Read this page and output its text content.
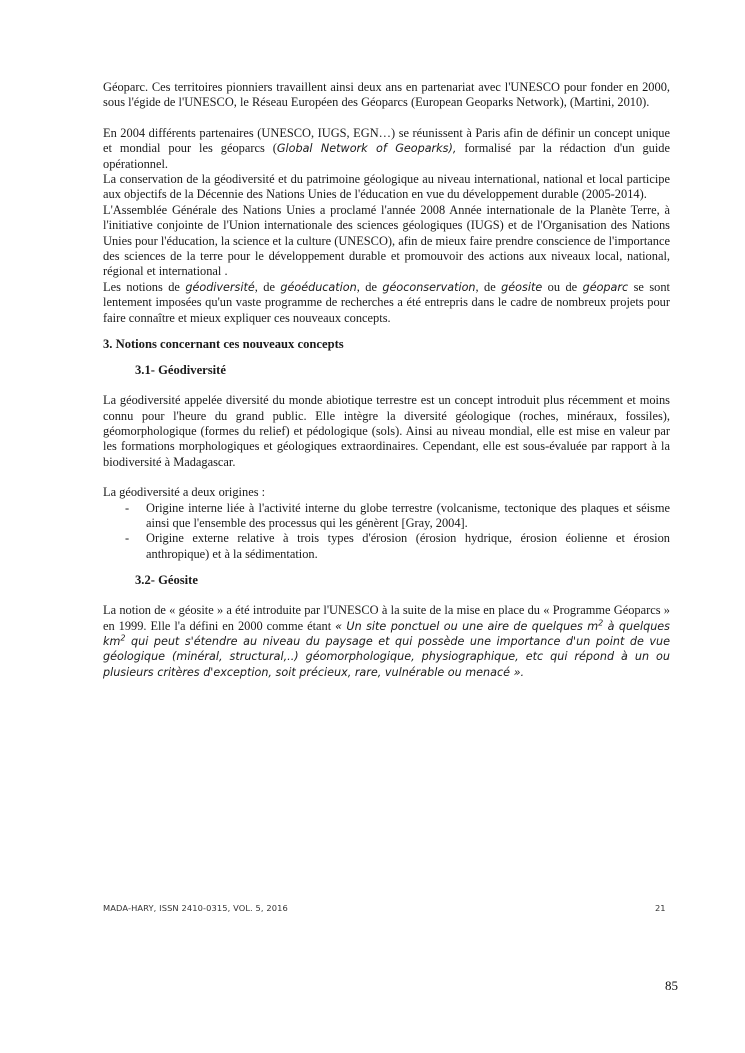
Géoparc. Ces territoires pionniers travaillent ainsi deux ans en partenariat avec l'UNESCO pour fonder en 2000, sous l'égide de l'UNESCO, le Réseau Européen des Géoparcs (European Geoparks Network), (Martini, 2010).

En 2004 différents partenaires (UNESCO, IUGS, EGN…) se réunissent à Paris afin de définir un concept unique et mondial pour les géoparcs (Global Network of Geoparks), formalisé par la rédaction d'un guide opérationnel.

La conservation de la géodiversité et du patrimoine géologique au niveau international, national et local participe aux objectifs de la Décennie des Nations Unies de l'éducation en vue du développement durable (2005-2014).

L'Assemblée Générale des Nations Unies a proclamé l'année 2008 Année internationale de la Planète Terre, à l'initiative conjointe de l'Union internationale des sciences géologiques (IUGS) et de l'Organisation des Nations Unies pour l'éducation, la science et la culture (UNESCO), afin de mieux faire prendre conscience de l'importance des sciences de la terre pour le développement durable et promouvoir des actions aux niveaux local, national, régional et international .

Les notions de géodiversité, de géoéducation, de géoconservation, de géosite ou de géoparc se sont lentement imposées qu'un vaste programme de recherches a été entrepris dans le cadre de nombreux projets pour faire connaître et mieux expliquer ces nouveaux concepts.

3. Notions concernant ces nouveaux concepts
3.1- Géodiversité

La géodiversité appelée diversité du monde abiotique terrestre est un concept introduit plus récemment et moins connu pour l'heure du grand public. Elle intègre la diversité géologique (roches, minéraux, fossiles), géomorphologique (formes du relief) et pédologique (sols). Ainsi au niveau mondial, elle est mise en valeur par les formations morphologiques et géologiques extraordinaires. Cependant, elle est sous-évaluée par rapport à la biodiversité à Madagascar.

La géodiversité a deux origines :

- Origine interne liée à l'activité interne du globe terrestre (volcanisme, tectonique des plaques et séisme ainsi que l'ensemble des processus qui les génèrent [Gray, 2004].
- Origine externe relative à trois types d'érosion (érosion hydrique, érosion éolienne et érosion anthropique) et à la sédimentation.
3.2- Géosite

La notion de « géosite » a été introduite par l'UNESCO à la suite de la mise en place du « Programme Géoparcs » en 1999. Elle l'a défini en 2000 comme étant « Un site ponctuel ou une aire de quelques $m^2$ à quelques $km^2$ qui peut s'étendre au niveau du paysage et qui possède une importance d'un point de vue géologique (minéral, structural,..) géomorphologique, physiographique, etc qui répond à un ou plusieurs critères d'exception, soit précieux, rare, vulnérable ou menacé ».

MADA-HARY, ISSN 2410-0315, VOL. 5, 2016	21
85
